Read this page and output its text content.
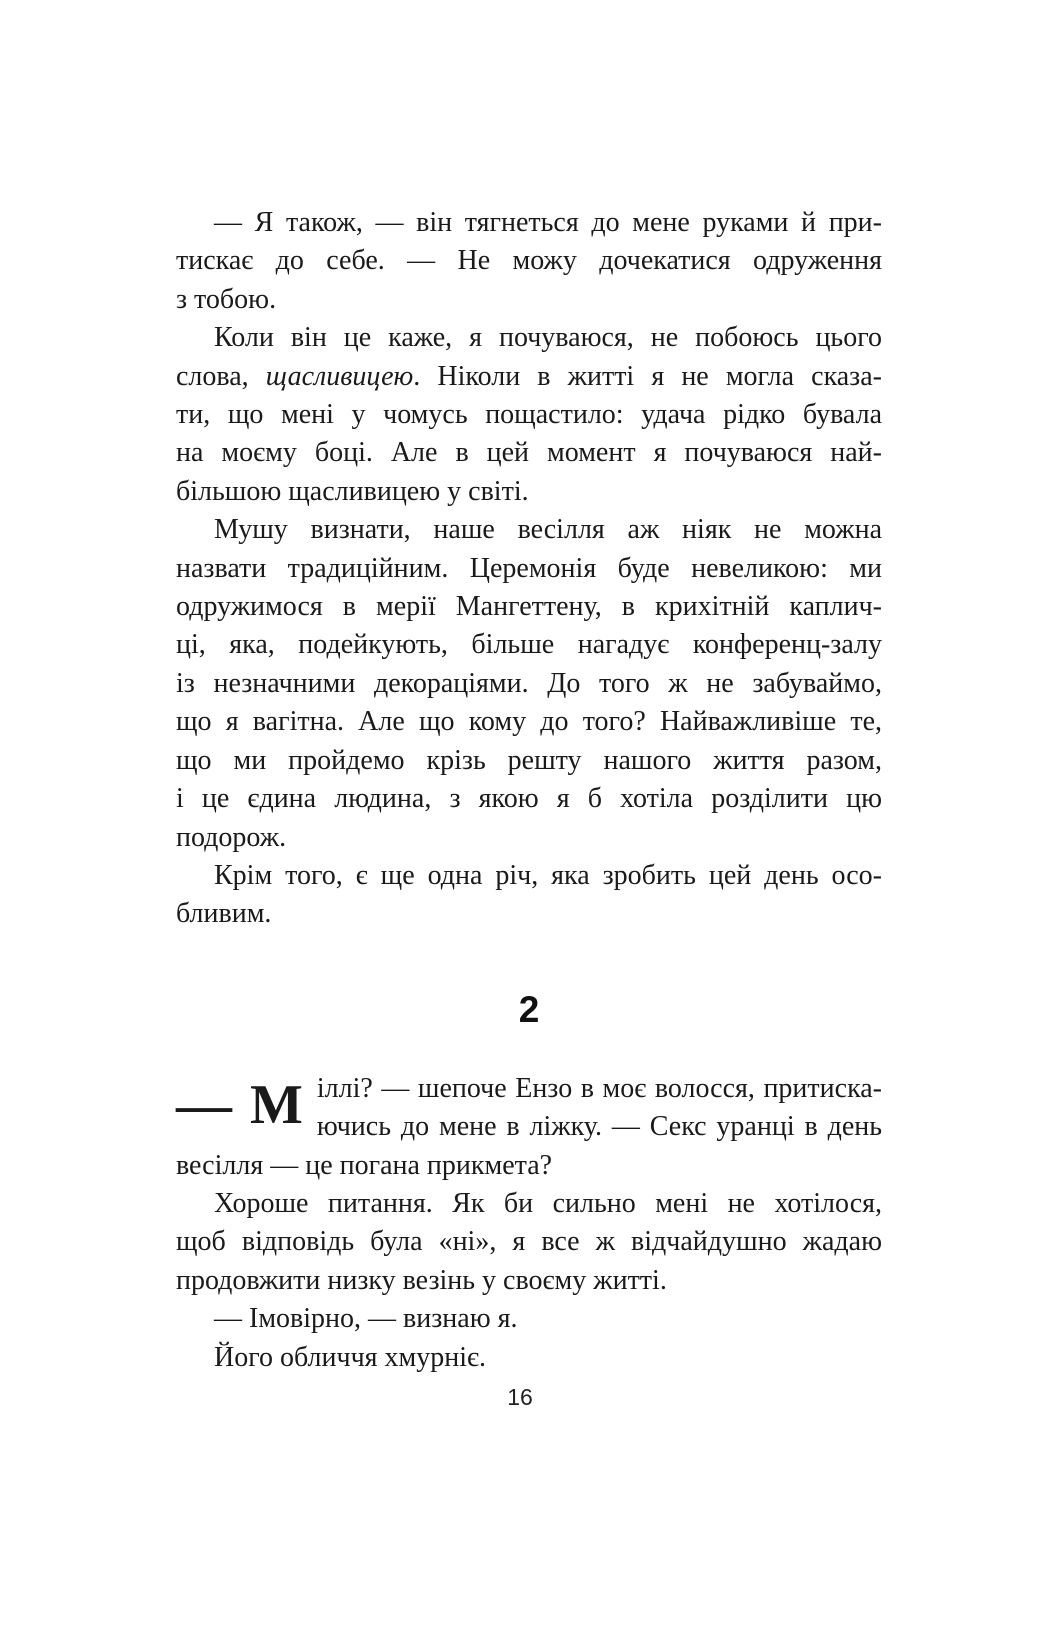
— Я також, — він тягнеться до мене руками й при-
тискає до себе. — Не можу дочекатися одруження
з тобою.
Коли він це каже, я почуваюся, не побоюсь цього
слова, щасливицею. Ніколи в житті я не могла сказа-
ти, що мені у чомусь пощастило: удача рідко бувала
на моєму боці. Але в цей момент я почуваюся най-
більшою щасливицею у світі.
Мушу визнати, наше весілля аж ніяк не можна
назвати традиційним. Церемонія буде невеликою: ми
одружимося в мерії Мангеттену, в крихітній каплич-
ці, яка, подейкують, більше нагадує конференц-залу
із незначними декораціями. До того ж не забуваймо,
що я вагітна. Але що кому до того? Найважливіше те,
що ми пройдемо крізь решту нашого життя разом,
і це єдина людина, з якою я б хотіла розділити цю
подорож.
Крім того, є ще одна річ, яка зробить цей день осо-
бливим.
2
— М іллі? — шепоче Ензо в моє волосся, притиска-
ючись до мене в ліжку. — Секс уранці в день
весілля — це погана прикмета?
Хороше питання. Як би сильно мені не хотілося,
щоб відповідь була «ні», я все ж відчайдушно жадаю
продовжити низку везінь у своєму житті.
— Імовірно, — визнаю я.
Його обличчя хмурніє.
16
